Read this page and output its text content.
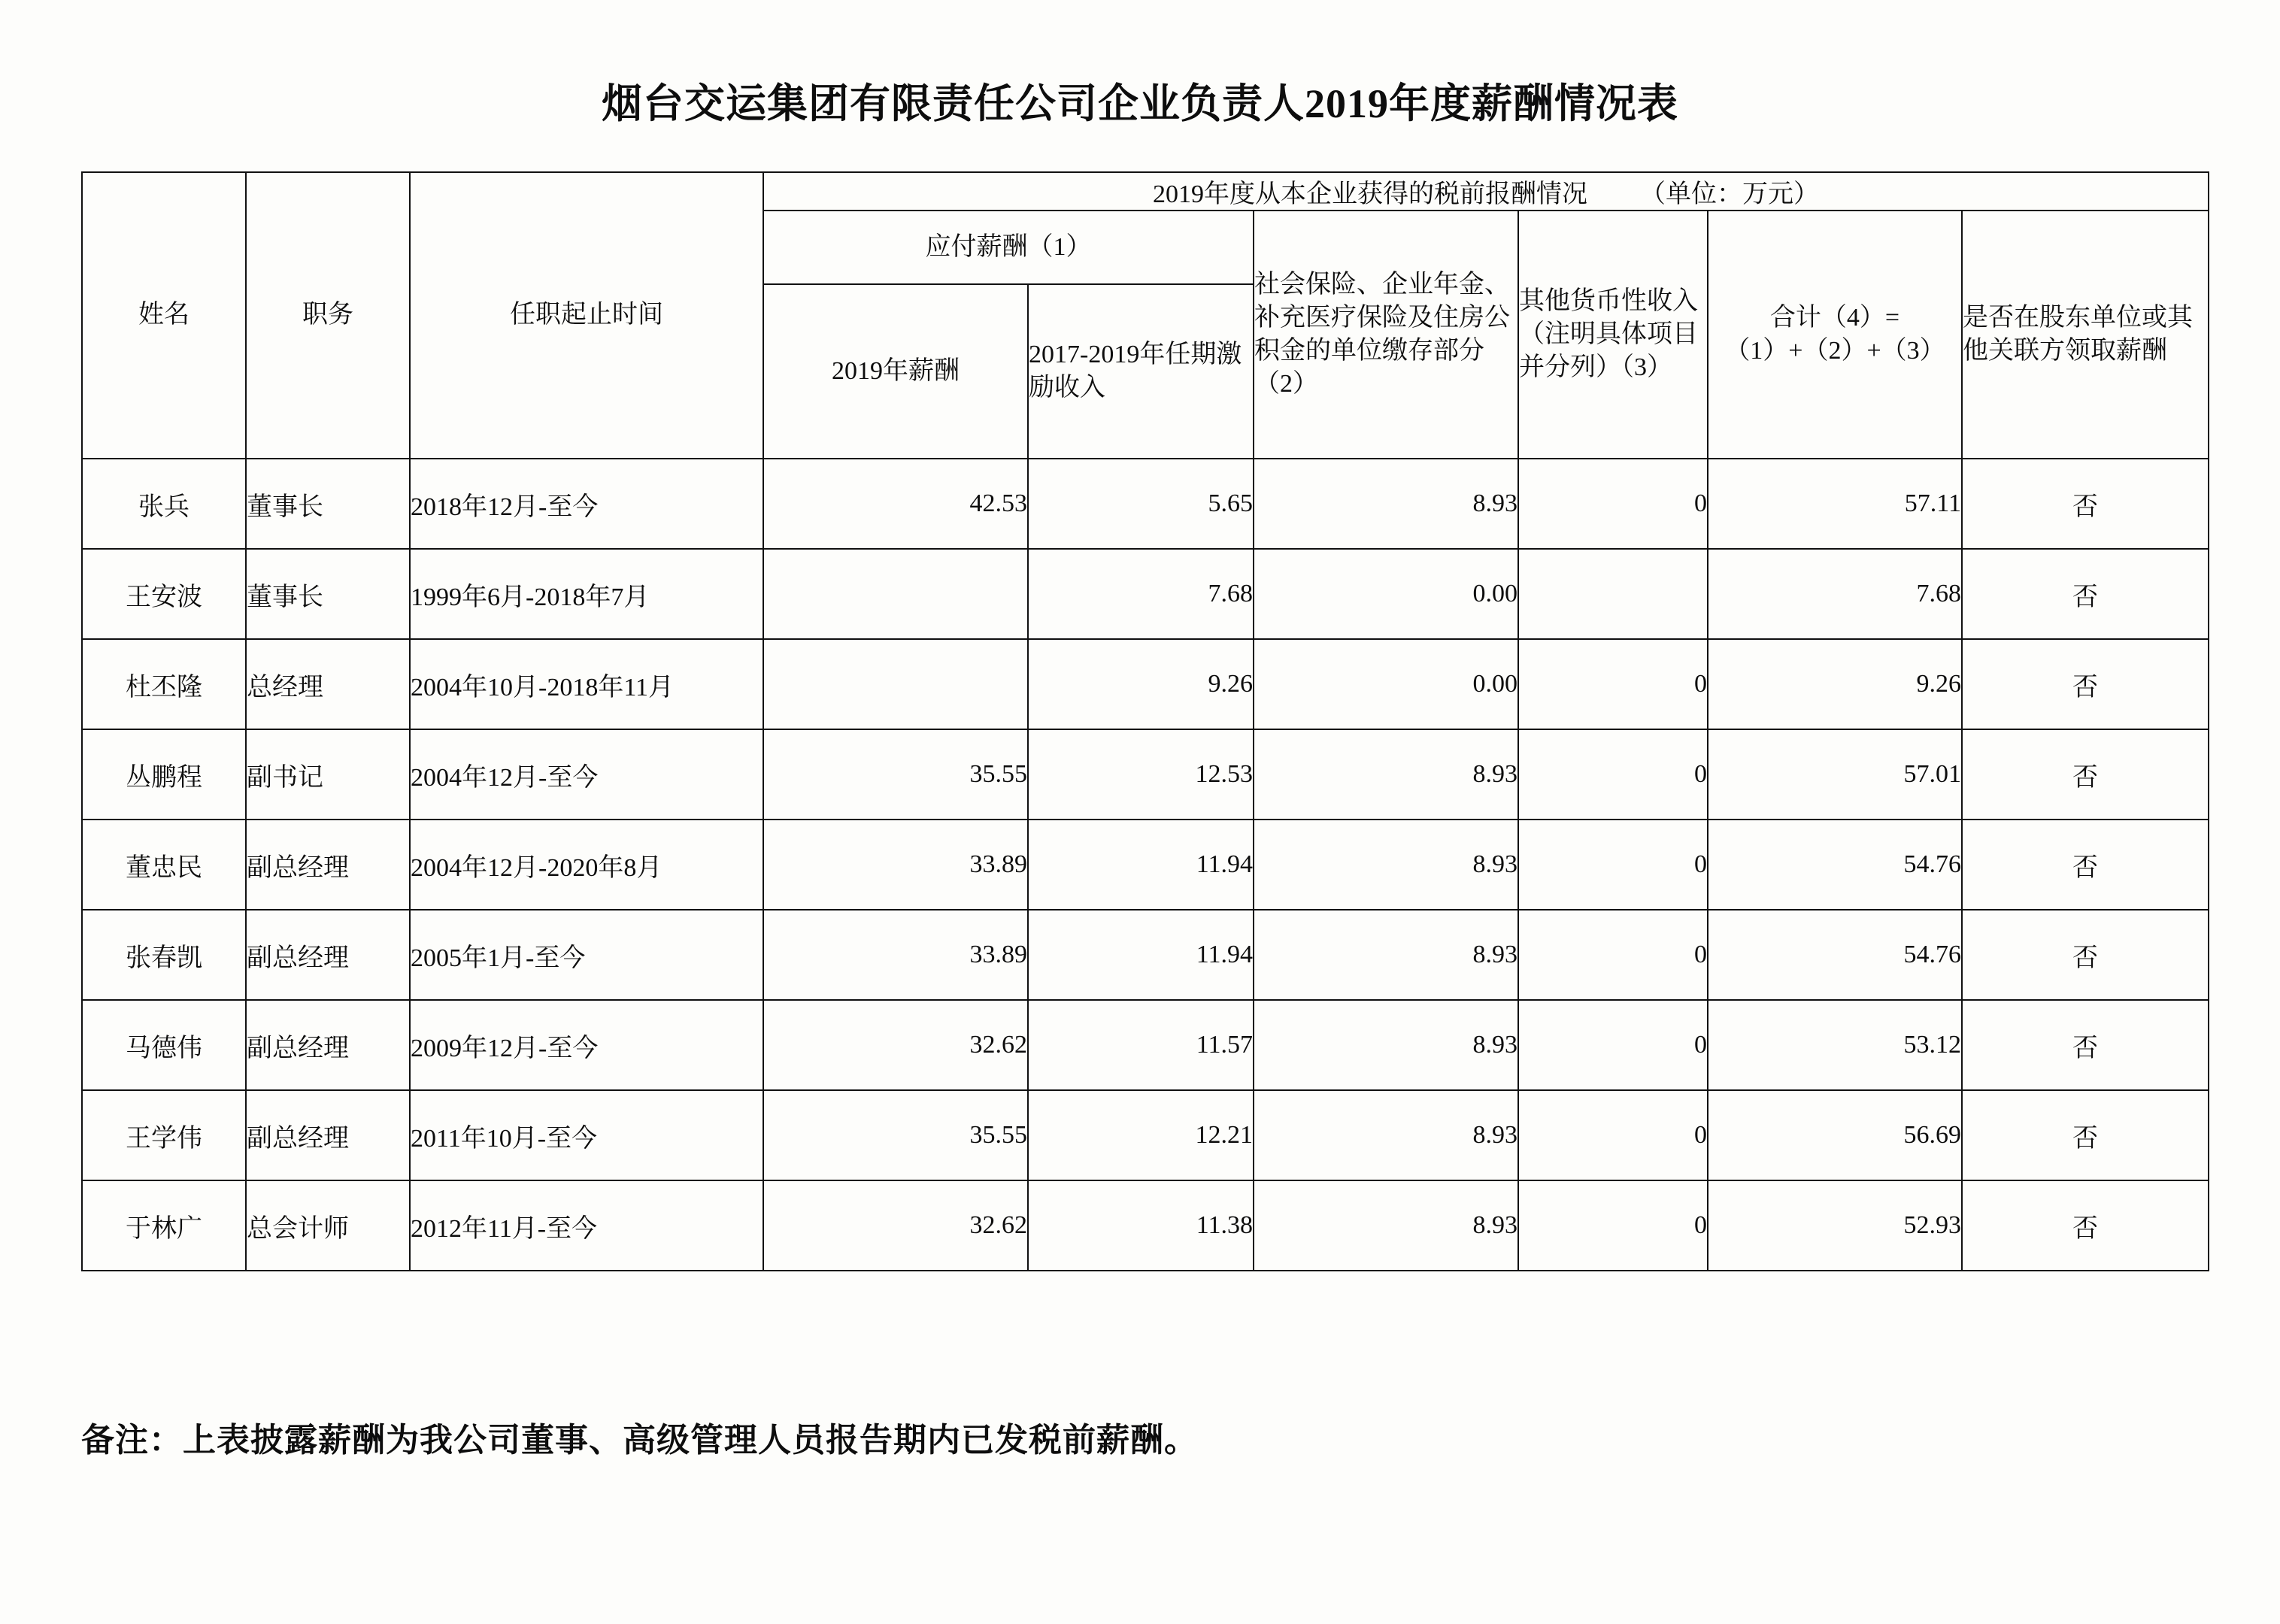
烟台交运集团有限责任公司企业负责人2019年度薪酬情况表
姓名	职务	任职起止时间	2019年度从本企业获得的税前报酬情况 （单位：万元）					
			应付薪酬（1）		社会保险、企业年金、补充医疗保险及住房公积金的单位缴存部分（2）	其他货币性收入（注明具体项目并分列）（3）	合计（4）=（1）+（2）+（3）	是否在股东单位或其他关联方领取薪酬
			2019年薪酬	2017-2019年任期激励收入				
张兵	董事长	2018年12月-至今	42.53	5.65	8.93	0	57.11	否
王安波	董事长	1999年6月-2018年7月		7.68	0.00		7.68	否
杜丕隆	总经理	2004年10月-2018年11月		9.26	0.00	0	9.26	否
丛鹏程	副书记	2004年12月-至今	35.55	12.53	8.93	0	57.01	否
董忠民	副总经理	2004年12月-2020年8月	33.89	11.94	8.93	0	54.76	否
张春凯	副总经理	2005年1月-至今	33.89	11.94	8.93	0	54.76	否
马德伟	副总经理	2009年12月-至今	32.62	11.57	8.93	0	53.12	否
王学伟	副总经理	2011年10月-至今	35.55	12.21	8.93	0	56.69	否
于林广	总会计师	2012年11月-至今	32.62	11.38	8.93	0	52.93	否
备注：上表披露薪酬为我公司董事、高级管理人员报告期内已发税前薪酬。
